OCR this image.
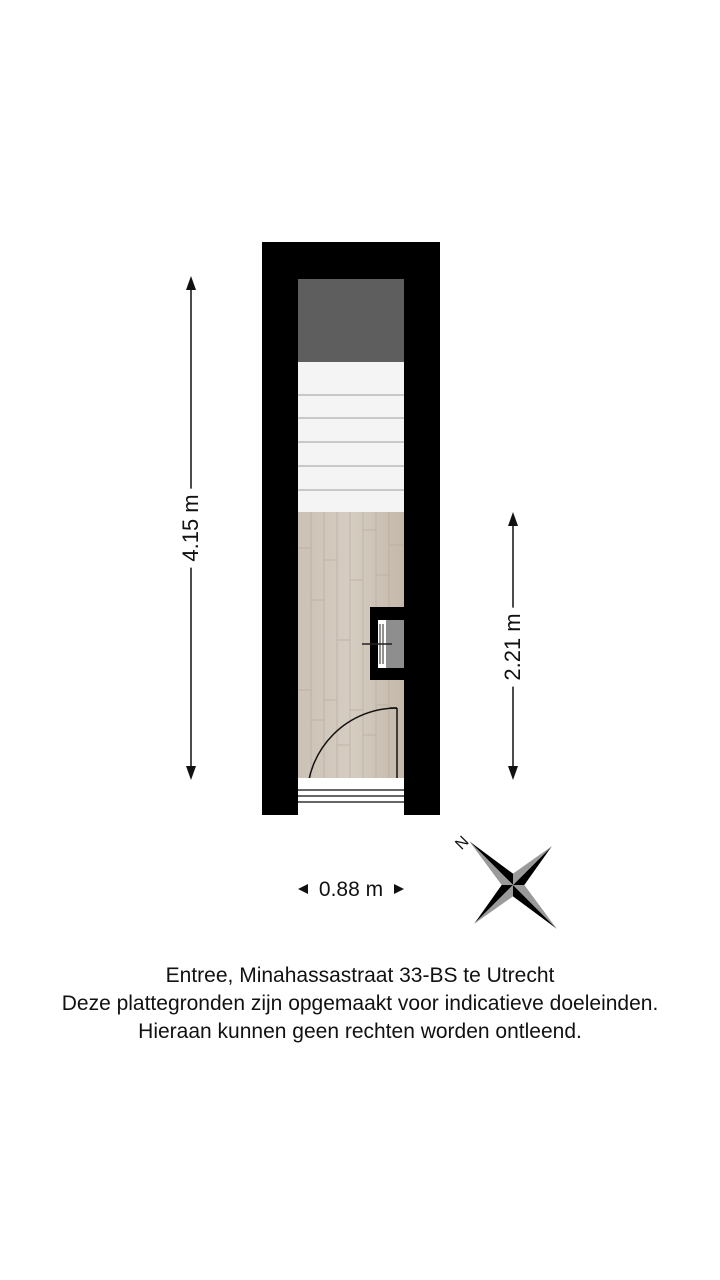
N
4.15 m
2.21 m
0.88 m
Entree, Minahassastraat 33-BS te Utrecht
Deze plattegronden zijn opgemaakt voor indicatieve doeleinden.
Hieraan kunnen geen rechten worden ontleend.
